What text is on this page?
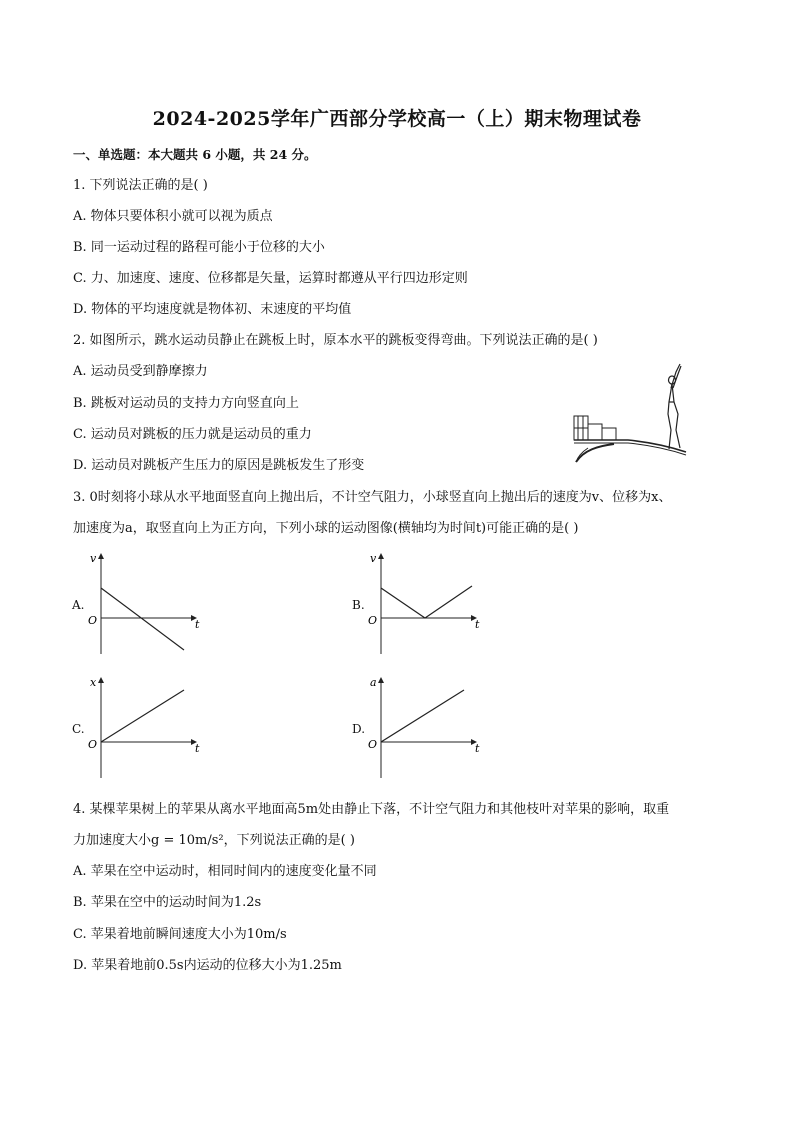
2024-2025学年广西部分学校高一（上）期末物理试卷
一、单选题：本大题共 6 小题，共 24 分。
1. 下列说法正确的是( )
A. 物体只要体积小就可以视为质点
B. 同一运动过程的路程可能小于位移的大小
C. 力、加速度、速度、位移都是矢量，运算时都遵从平行四边形定则
D. 物体的平均速度就是物体初、末速度的平均值
2. 如图所示，跳水运动员静止在跳板上时，原本水平的跳板变得弯曲。下列说法正确的是( )
A. 运动员受到静摩擦力
B. 跳板对运动员的支持力方向竖直向上
C. 运动员对跳板的压力就是运动员的重力
D. 运动员对跳板产生压力的原因是跳板发生了形变
3. 0时刻将小球从水平地面竖直向上抛出后，不计空气阻力，小球竖直向上抛出后的速度为v、位移为x、
加速度为a，取竖直向上为正方向，下列小球的运动图像(横轴均为时间t)可能正确的是( )
A.
v
O	t
B.
v
O	t
C.
x
O	t
D.
a
O	t
4. 某棵苹果树上的苹果从离水平地面高5m处由静止下落，不计空气阻力和其他枝叶对苹果的影响，取重
力加速度大小g = 10m/s²，下列说法正确的是( )
A. 苹果在空中运动时，相同时间内的速度变化量不同
B. 苹果在空中的运动时间为1.2s
C. 苹果着地前瞬间速度大小为10m/s
D. 苹果着地前0.5s内运动的位移大小为1.25m
